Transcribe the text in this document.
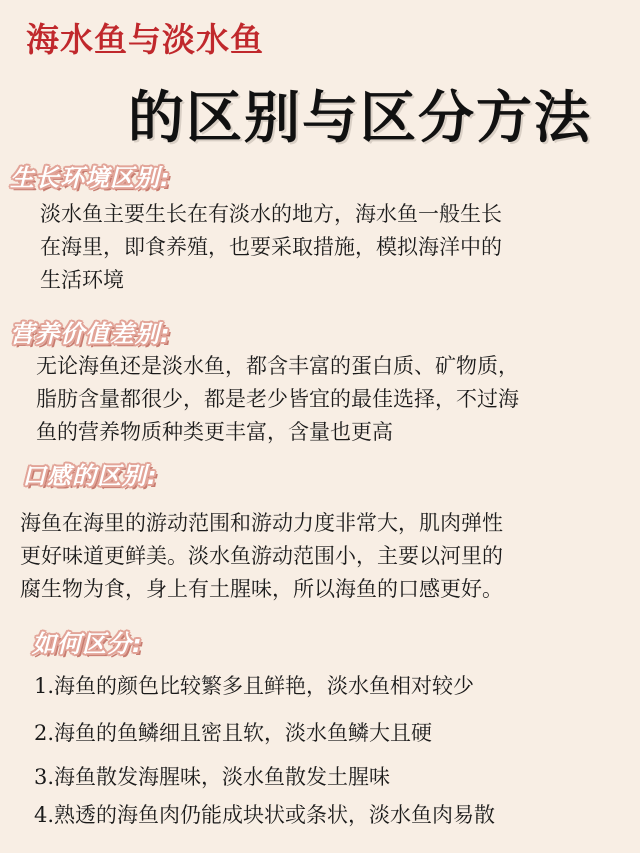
海水鱼与淡水鱼
的区别与区分方法
生长环境区别:
淡水鱼主要生长在有淡水的地方，海水鱼一般生长
在海里，即食养殖，也要采取措施，模拟海洋中的
生活环境
营养价值差别:
无论海鱼还是淡水鱼，都含丰富的蛋白质、矿物质，
脂肪含量都很少，都是老少皆宜的最佳选择，不过海
鱼的营养物质种类更丰富，含量也更高
口感的区别:
海鱼在海里的游动范围和游动力度非常大，肌肉弹性
更好味道更鲜美。淡水鱼游动范围小，主要以河里的
腐生物为食，身上有土腥味，所以海鱼的口感更好。
如何区分:
1.海鱼的颜色比较繁多且鲜艳，淡水鱼相对较少
2.海鱼的鱼鳞细且密且软，淡水鱼鳞大且硬
3.海鱼散发海腥味，淡水鱼散发土腥味
4.熟透的海鱼肉仍能成块状或条状，淡水鱼肉易散
